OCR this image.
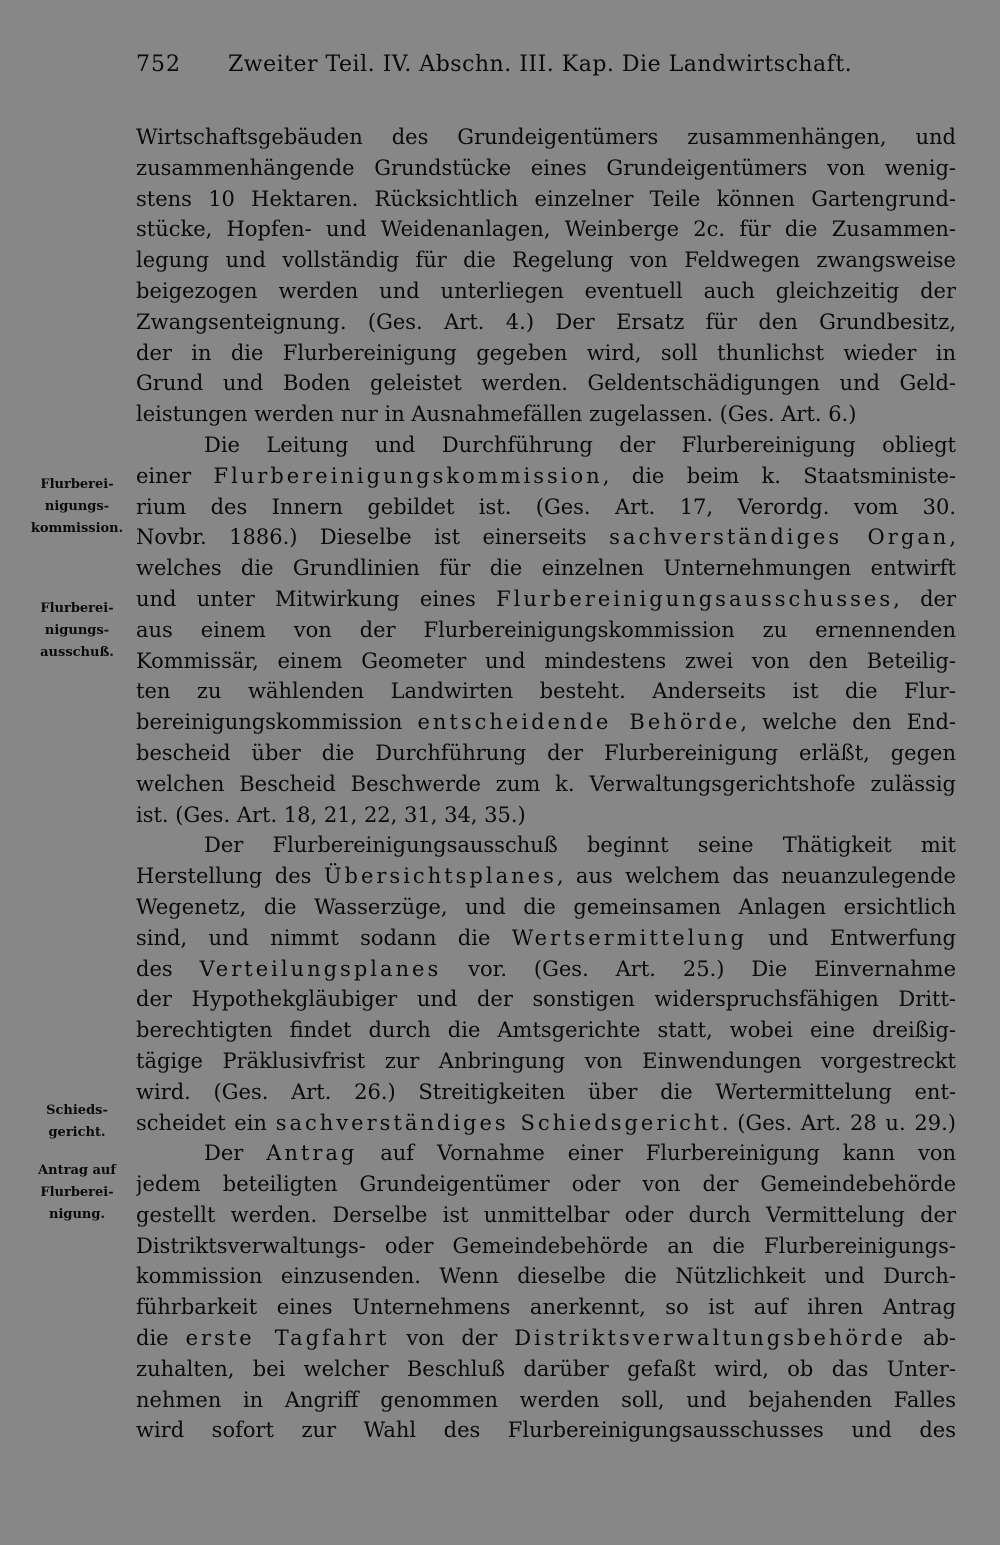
752 Zweiter Teil. IV. Abschn. III. Kap. Die Landwirtschaft.
Flurberei-
nigungs-
kommission.
Flurberei-
nigungs-
ausschuß.
Schieds-
gericht.
Antrag auf
Flurberei-
nigung.
Wirtschaftsgebäuden des Grundeigentümers zusammenhängen, und
zusammenhängende Grundstücke eines Grundeigentümers von wenig-
stens 10 Hektaren. Rücksichtlich einzelner Teile können Gartengrund-
stücke, Hopfen- und Weidenanlagen, Weinberge 2c. für die Zusammen-
legung und vollständig für die Regelung von Feldwegen zwangsweise
beigezogen werden und unterliegen eventuell auch gleichzeitig der
Zwangsenteignung. (Ges. Art. 4.) Der Ersatz für den Grundbesitz,
der in die Flurbereinigung gegeben wird, soll thunlichst wieder in
Grund und Boden geleistet werden. Geldentschädigungen und Geld-
leistungen werden nur in Ausnahmefällen zugelassen. (Ges. Art. 6.)
Die Leitung und Durchführung der Flurbereinigung obliegt
einer Flurbereinigungskommission, die beim k. Staatsministe-
rium des Innern gebildet ist. (Ges. Art. 17, Verordg. vom 30.
Novbr. 1886.) Dieselbe ist einerseits sachverständiges Organ,
welches die Grundlinien für die einzelnen Unternehmungen entwirft
und unter Mitwirkung eines Flurbereinigungsausschusses, der
aus einem von der Flurbereinigungskommission zu ernennenden
Kommissär, einem Geometer und mindestens zwei von den Beteilig-
ten zu wählenden Landwirten besteht. Anderseits ist die Flur-
bereinigungskommission entscheidende Behörde, welche den End-
bescheid über die Durchführung der Flurbereinigung erläßt, gegen
welchen Bescheid Beschwerde zum k. Verwaltungsgerichtshofe zulässig
ist. (Ges. Art. 18, 21, 22, 31, 34, 35.)
Der Flurbereinigungsausschuß beginnt seine Thätigkeit mit
Herstellung des Übersichtsplanes, aus welchem das neuanzulegende
Wegenetz, die Wasserzüge, und die gemeinsamen Anlagen ersichtlich
sind, und nimmt sodann die Wertsermittelung und Entwerfung
des Verteilungsplanes vor. (Ges. Art. 25.) Die Einvernahme
der Hypothekgläubiger und der sonstigen widerspruchsfähigen Dritt-
berechtigten findet durch die Amtsgerichte statt, wobei eine dreißig-
tägige Präklusivfrist zur Anbringung von Einwendungen vorgestreckt
wird. (Ges. Art. 26.) Streitigkeiten über die Wertermittelung ent-
scheidet ein sachverständiges Schiedsgericht. (Ges. Art. 28 u. 29.)
Der Antrag auf Vornahme einer Flurbereinigung kann von
jedem beteiligten Grundeigentümer oder von der Gemeindebehörde
gestellt werden. Derselbe ist unmittelbar oder durch Vermittelung der
Distriktsverwaltungs- oder Gemeindebehörde an die Flurbereinigungs-
kommission einzusenden. Wenn dieselbe die Nützlichkeit und Durch-
führbarkeit eines Unternehmens anerkennt, so ist auf ihren Antrag
die erste Tagfahrt von der Distriktsverwaltungsbehörde ab-
zuhalten, bei welcher Beschluß darüber gefaßt wird, ob das Unter-
nehmen in Angriff genommen werden soll, und bejahenden Falles
wird sofort zur Wahl des Flurbereinigungsausschusses und des
